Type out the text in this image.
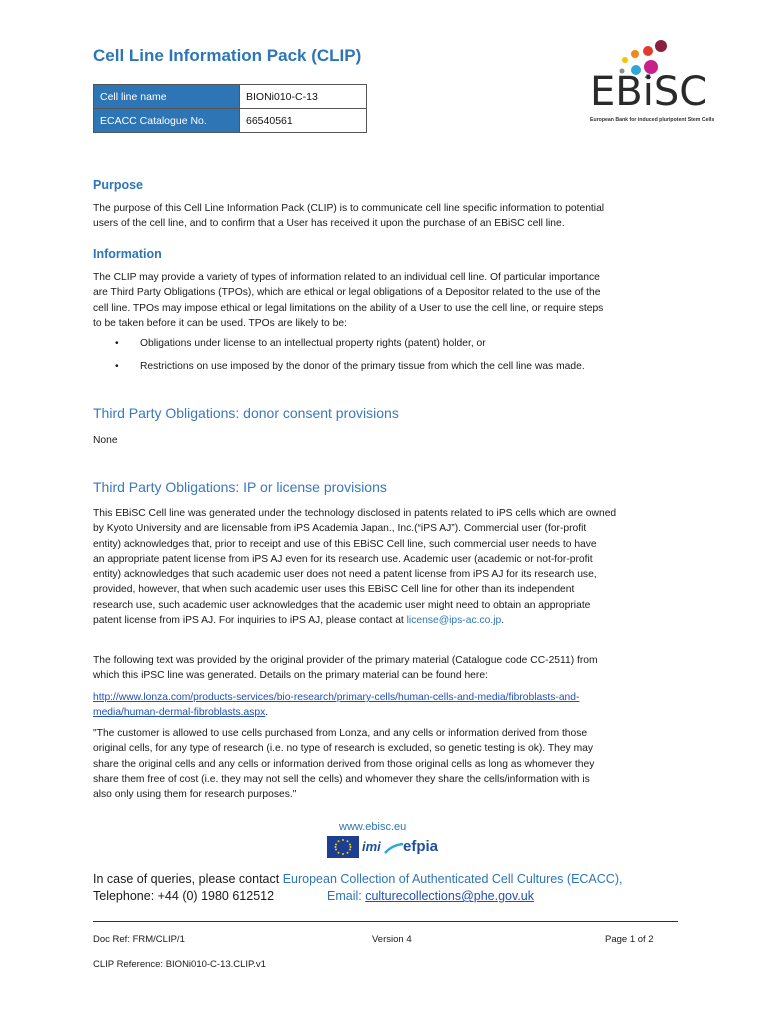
Cell Line Information Pack (CLIP)
EBiSC
European Bank for induced pluripotent Stem Cells
Cell line name	BIONi010-C-13
ECACC Catalogue No.	66540561
Purpose
The purpose of this Cell Line Information Pack (CLIP) is to communicate cell line specific information to potential
users of the cell line, and to confirm that a User has received it upon the purchase of an EBiSC cell line.
Information
The CLIP may provide a variety of types of information related to an individual cell line. Of particular importance
are Third Party Obligations (TPOs), which are ethical or legal obligations of a Depositor related to the use of the
cell line. TPOs may impose ethical or legal limitations on the ability of a User to use the cell line, or require steps
to be taken before it can be used. TPOs are likely to be:
• Obligations under license to an intellectual property rights (patent) holder, or
• Restrictions on use imposed by the donor of the primary tissue from which the cell line was made.
Third Party Obligations: donor consent provisions
None
Third Party Obligations: IP or license provisions
This EBiSC Cell line was generated under the technology disclosed in patents related to iPS cells which are owned
by Kyoto University and are licensable from iPS Academia Japan., Inc.(“iPS AJ”). Commercial user (for-profit
entity) acknowledges that, prior to receipt and use of this EBiSC Cell line, such commercial user needs to have
an appropriate patent license from iPS AJ even for its research use. Academic user (academic or not-for-profit
entity) acknowledges that such academic user does not need a patent license from iPS AJ for its research use,
provided, however, that when such academic user uses this EBiSC Cell line for other than its independent
research use, such academic user acknowledges that the academic user might need to obtain an appropriate
patent license from iPS AJ. For inquiries to iPS AJ, please contact at license@ips-ac.co.jp.
The following text was provided by the original provider of the primary material (Catalogue code CC-2511) from
which this iPSC line was generated. Details on the primary material can be found here:
http://www.lonza.com/products-services/bio-research/primary-cells/human-cells-and-media/fibroblasts-and-
media/human-dermal-fibroblasts.aspx.
"The customer is allowed to use cells purchased from Lonza, and any cells or information derived from those
original cells, for any type of research (i.e. no type of research is excluded, so genetic testing is ok). They may
share the original cells and any cells or information derived from those original cells as long as whomever they
share them free of cost (i.e. they may not sell the cells) and whomever they share the cells/information with is
also only using them for research purposes."
www.ebisc.eu
imi efpia
In case of queries, please contact European Collection of Authenticated Cell Cultures (ECACC),
Telephone: +44 (0) 1980 612512	Email: culturecollections@phe.gov.uk
Doc Ref: FRM/CLIP/1	Version 4	Page 1 of 2
CLIP Reference: BIONi010-C-13.CLIP.v1
